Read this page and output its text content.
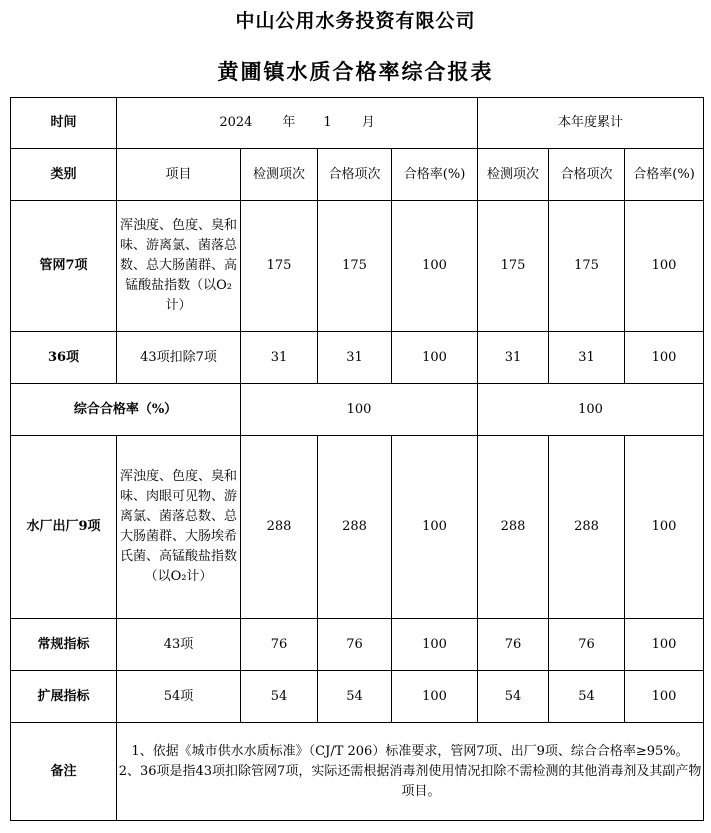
中山公用水务投资有限公司
黄圃镇水质合格率综合报表
时间	2024 年 1 月				本年度累计		
类别	项目	检测项次	合格项次	合格率(%)	检测项次	合格项次	合格率(%)
管网7项	浑浊度、色度、臭和味、游离氯、菌落总数、总大肠菌群、高锰酸盐指数（以O₂计）	175	175	100	175	175	100
36项	43项扣除7项	31	31	100	31	31	100
综合合格率（%）		100			100		
水厂出厂9项	浑浊度、色度、臭和味、肉眼可见物、游离氯、菌落总数、总大肠菌群、大肠埃希氏菌、高锰酸盐指数（以O₂计）	288	288	100	288	288	100
常规指标	43项	76	76	100	76	76	100
扩展指标	54项	54	54	100	54	54	100
备注	1、依据《城市供水水质标准》（CJ/T 206）标准要求，管网7项、出厂9项、综合合格率≥95%。
2、36项是指43项扣除管网7项，实际还需根据消毒剂使用情况扣除不需检测的其他消毒剂及其副产物项目。						
